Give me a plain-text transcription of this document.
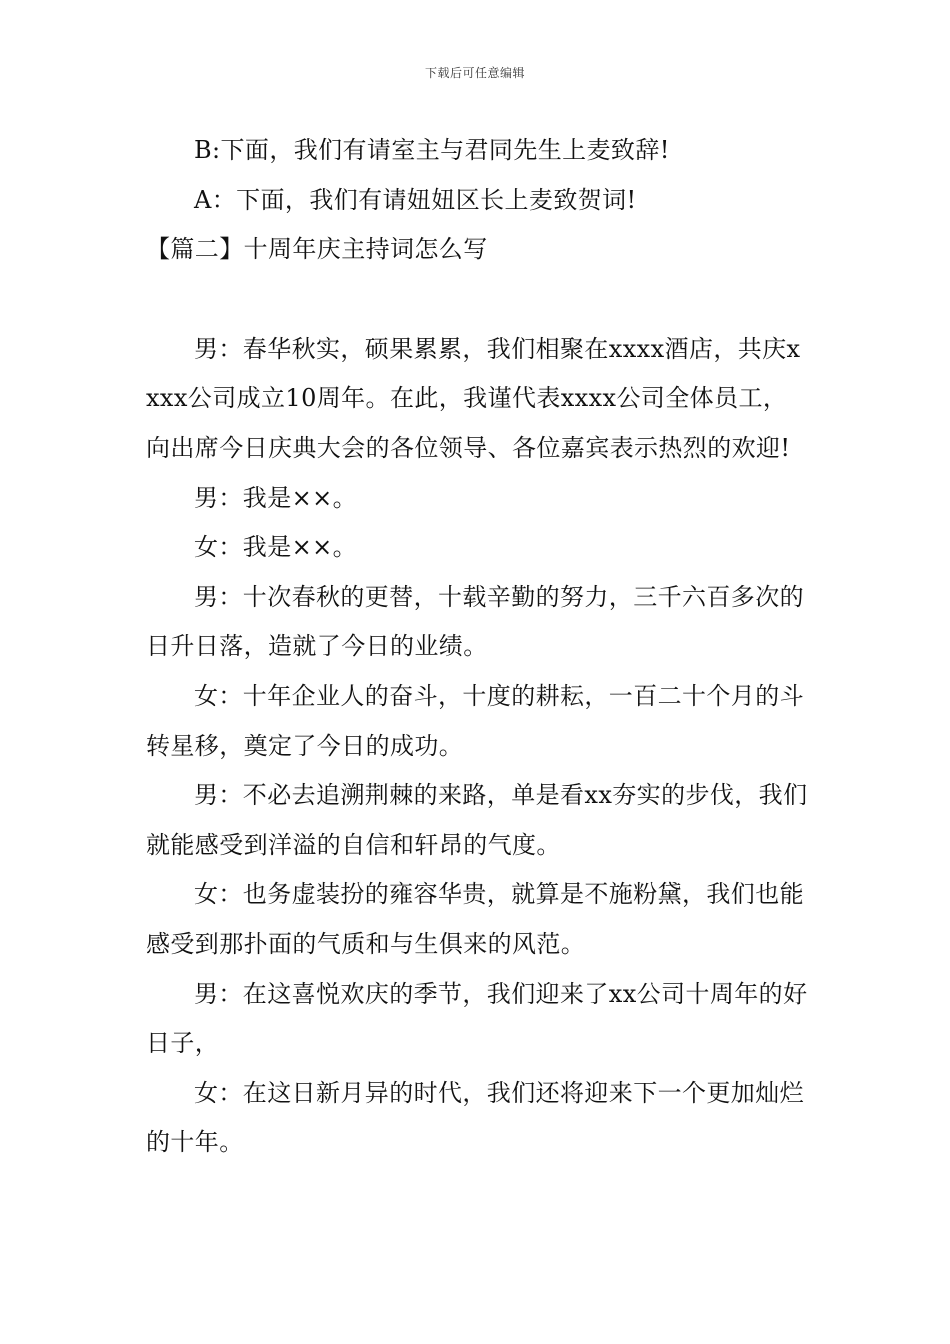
下载后可任意编辑

B:下面，我们有请室主与君同先生上麦致辞!

A：下面，我们有请妞妞区长上麦致贺词!

【篇二】十周年庆主持词怎么写

男：春华秋实，硕果累累，我们相聚在xxxx酒店，共庆xxxx公司成立10周年。在此，我谨代表xxxx公司全体员工，向出席今日庆典大会的各位领导、各位嘉宾表示热烈的欢迎!

男：我是××。

女：我是××。

男：十次春秋的更替，十载辛勤的努力，三千六百多次的日升日落，造就了今日的业绩。

女：十年企业人的奋斗，十度的耕耘，一百二十个月的斗转星移，奠定了今日的成功。

男：不必去追溯荆棘的来路，单是看xx夯实的步伐，我们就能感受到洋溢的自信和轩昂的气度。

女：也务虚装扮的雍容华贵，就算是不施粉黛，我们也能感受到那扑面的气质和与生俱来的风范。

男：在这喜悦欢庆的季节，我们迎来了xx公司十周年的好日子，

女：在这日新月异的时代，我们还将迎来下一个更加灿烂的十年。
